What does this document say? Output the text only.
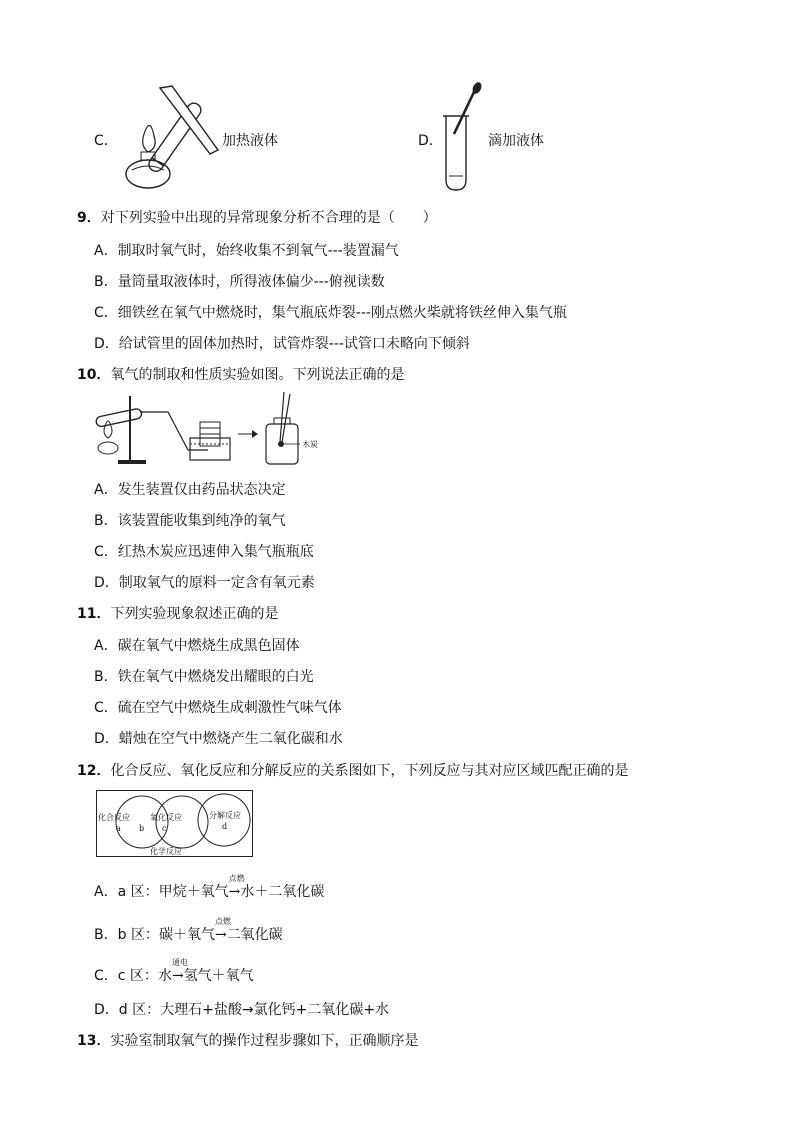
C．	加热液体	D．	滴加液体
9．对下列实验中出现的异常现象分析不合理的是（　　）
A．制取时氧气时，始终收集不到氧气---装置漏气
B．量筒量取液体时，所得液体偏少---俯视读数
C．细铁丝在氧气中燃烧时，集气瓶底炸裂---刚点燃火柴就将铁丝伸入集气瓶
D．给试管里的固体加热时，试管炸裂---试管口未略向下倾斜
10．氧气的制取和性质实验如图。下列说法正确的是
木炭
A．发生装置仅由药品状态决定
B．该装置能收集到纯净的氧气
C．红热木炭应迅速伸入集气瓶瓶底
D．制取氧气的原料一定含有氧元素
11．下列实验现象叙述正确的是
A．碳在氧气中燃烧生成黑色固体
B．铁在氧气中燃烧发出耀眼的白光
C．硫在空气中燃烧生成刺激性气味气体
D．蜡烛在空气中燃烧产生二氧化碳和水
12．化合反应、氧化反应和分解反应的关系图如下，下列反应与其对应区域匹配正确的是
化合反应
a b
氧化反应
c
分解反应
d
化学反应
A．a 区：甲烷＋氧气
点燃
→水＋二氧化碳
B．b 区：碳＋氧气
点燃
→二氧化碳
C．c 区：水
通电
→氢气＋氧气
D．d 区：大理石+盐酸→氯化钙+二氧化碳+水
13．实验室制取氧气的操作过程步骤如下，正确顺序是
